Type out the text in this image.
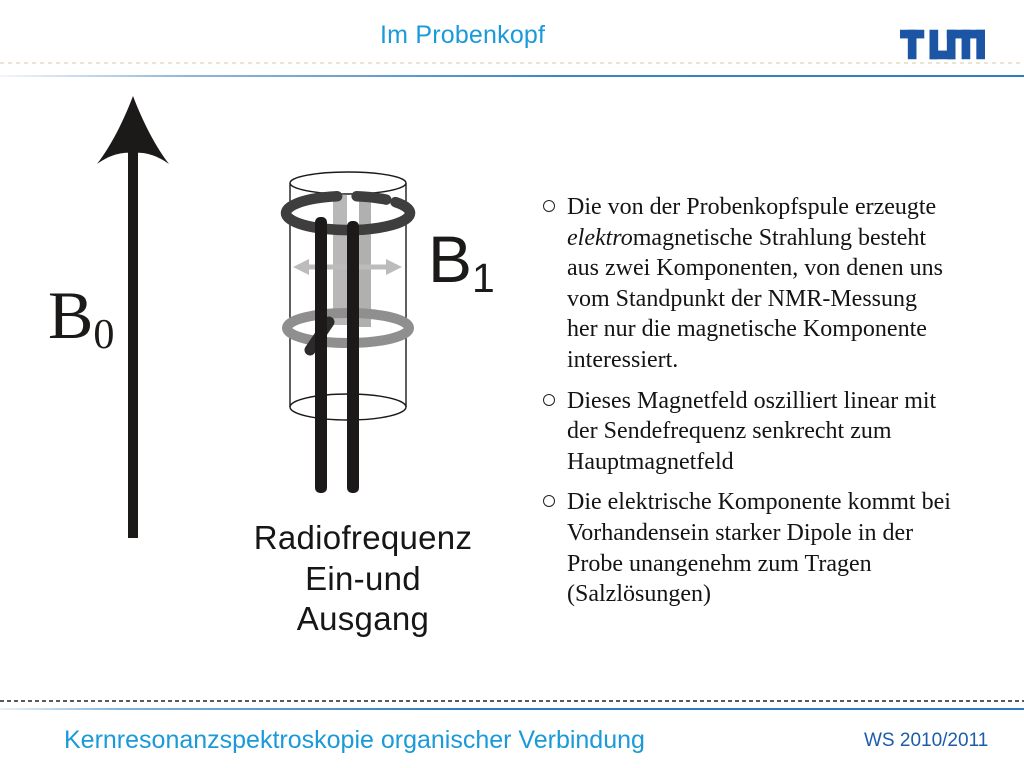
Im Probenkopf
$B_0$
$B_1$
Radiofrequenz
Ein-und
Ausgang
Die von der Probenkopfspule erzeugte
elektromagnetische Strahlung besteht
aus zwei Komponenten, von denen uns
vom Standpunkt der NMR-Messung
her nur die magnetische Komponente
interessiert.
Dieses Magnetfeld oszilliert linear mit
der Sendefrequenz senkrecht zum
Hauptmagnetfeld
Die elektrische Komponente kommt bei
Vorhandensein starker Dipole in der
Probe unangenehm zum Tragen
(Salzlösungen)
Kernresonanzspektroskopie organischer Verbindung	WS 2010/2011
